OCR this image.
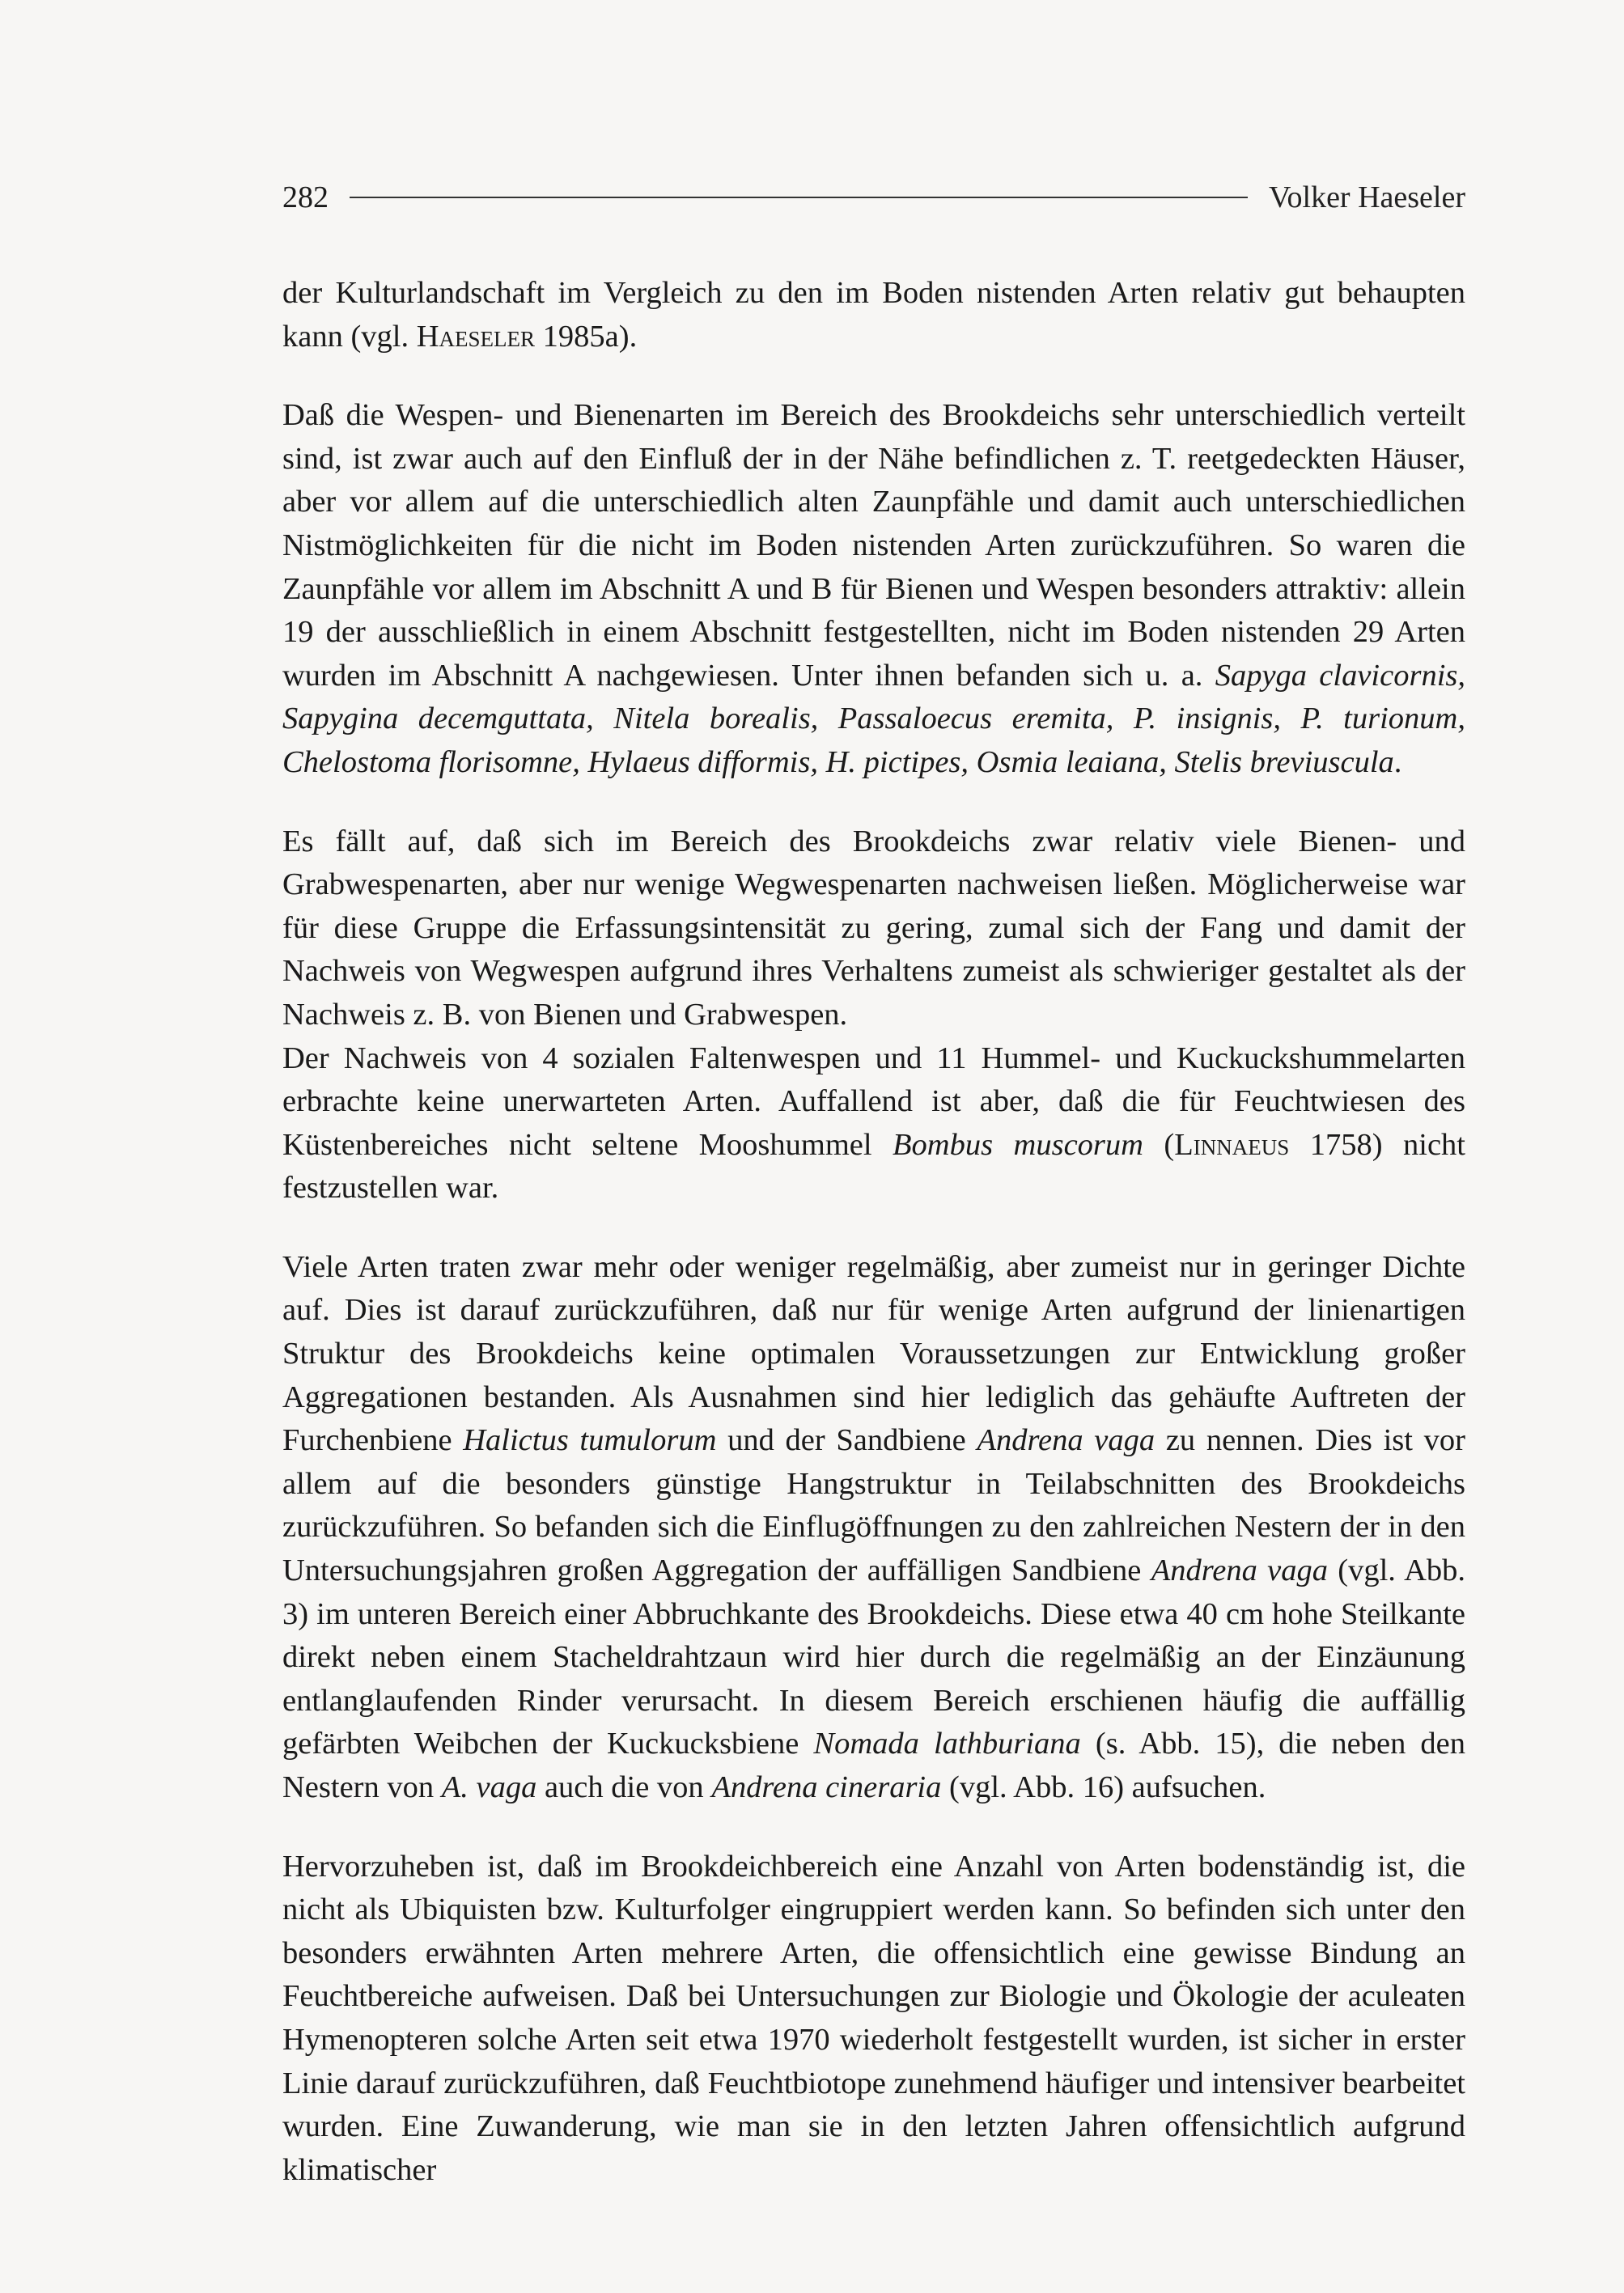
282	Volker Haeseler

der Kulturlandschaft im Vergleich zu den im Boden nistenden Arten relativ gut behaupten kann (vgl. Haeseler 1985a).

Daß die Wespen- und Bienenarten im Bereich des Brookdeichs sehr unterschiedlich verteilt sind, ist zwar auch auf den Einfluß der in der Nähe befindlichen z. T. reetgedeckten Häuser, aber vor allem auf die unterschiedlich alten Zaunpfähle und damit auch unterschiedlichen Nistmöglichkeiten für die nicht im Boden nistenden Arten zurückzuführen. So waren die Zaunpfähle vor allem im Abschnitt A und B für Bienen und Wespen besonders attraktiv: allein 19 der ausschließlich in einem Abschnitt festgestellten, nicht im Boden nistenden 29 Arten wurden im Abschnitt A nachgewiesen. Unter ihnen befanden sich u. a. Sapyga clavicornis, Sapygina decemguttata, Nitela borealis, Passaloecus eremita, P. insignis, P. turionum, Chelostoma florisomne, Hylaeus difformis, H. pictipes, Osmia leaiana, Stelis breviuscula.

Es fällt auf, daß sich im Bereich des Brookdeichs zwar relativ viele Bienen- und Grabwespenarten, aber nur wenige Wegwespenarten nachweisen ließen. Möglicherweise war für diese Gruppe die Erfassungsintensität zu gering, zumal sich der Fang und damit der Nachweis von Wegwespen aufgrund ihres Verhaltens zumeist als schwieriger gestaltet als der Nachweis z. B. von Bienen und Grabwespen.

Der Nachweis von 4 sozialen Faltenwespen und 11 Hummel- und Kuckuckshummelarten erbrachte keine unerwarteten Arten. Auffallend ist aber, daß die für Feuchtwiesen des Küstenbereiches nicht seltene Mooshummel Bombus muscorum (Linnaeus 1758) nicht festzustellen war.

Viele Arten traten zwar mehr oder weniger regelmäßig, aber zumeist nur in geringer Dichte auf. Dies ist darauf zurückzuführen, daß nur für wenige Arten aufgrund der linienartigen Struktur des Brookdeichs keine optimalen Voraussetzungen zur Entwicklung großer Aggregationen bestanden. Als Ausnahmen sind hier lediglich das gehäufte Auftreten der Furchenbiene Halictus tumulorum und der Sandbiene Andrena vaga zu nennen. Dies ist vor allem auf die besonders günstige Hangstruktur in Teilabschnitten des Brookdeichs zurückzuführen. So befanden sich die Einflugöffnungen zu den zahlreichen Nestern der in den Untersuchungsjahren großen Aggregation der auffälligen Sandbiene Andrena vaga (vgl. Abb. 3) im unteren Bereich einer Abbruchkante des Brookdeichs. Diese etwa 40 cm hohe Steilkante direkt neben einem Stacheldrahtzaun wird hier durch die regelmäßig an der Einzäunung entlanglaufenden Rinder verursacht. In diesem Bereich erschienen häufig die auffällig gefärbten Weibchen der Kuckucksbiene Nomada lathburiana (s. Abb. 15), die neben den Nestern von A. vaga auch die von Andrena cineraria (vgl. Abb. 16) aufsuchen.

Hervorzuheben ist, daß im Brookdeichbereich eine Anzahl von Arten bodenständig ist, die nicht als Ubiquisten bzw. Kulturfolger eingruppiert werden kann. So befinden sich unter den besonders erwähnten Arten mehrere Arten, die offensichtlich eine gewisse Bindung an Feuchtbereiche aufweisen. Daß bei Untersuchungen zur Biologie und Ökologie der aculeaten Hymenopteren solche Arten seit etwa 1970 wiederholt festgestellt wurden, ist sicher in erster Linie darauf zurückzuführen, daß Feuchtbiotope zunehmend häufiger und intensiver bearbeitet wurden. Eine Zuwanderung, wie man sie in den letzten Jahren offensichtlich aufgrund klimatischer
